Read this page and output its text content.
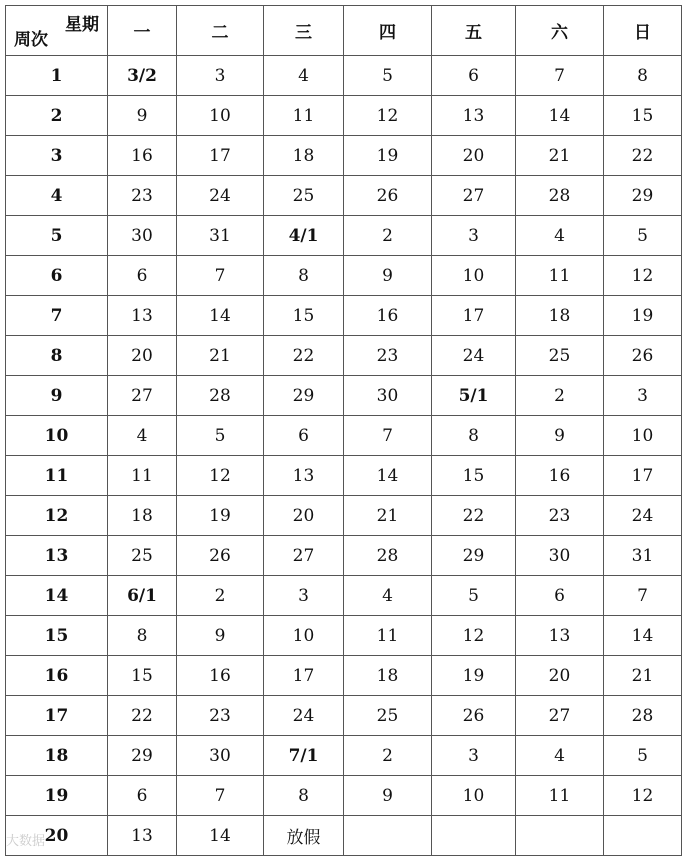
星期
周次	一	二	三	四	五	六	日
1	3/2	3	4	5	6	7	8
2	9	10	11	12	13	14	15
3	16	17	18	19	20	21	22
4	23	24	25	26	27	28	29
5	30	31	4/1	2	3	4	5
6	6	7	8	9	10	11	12
7	13	14	15	16	17	18	19
8	20	21	22	23	24	25	26
9	27	28	29	30	5/1	2	3
10	4	5	6	7	8	9	10
11	11	12	13	14	15	16	17
12	18	19	20	21	22	23	24
13	25	26	27	28	29	30	31
14	6/1	2	3	4	5	6	7
15	8	9	10	11	12	13	14
16	15	16	17	18	19	20	21
17	22	23	24	25	26	27	28
18	29	30	7/1	2	3	4	5
19	6	7	8	9	10	11	12
20	13	14	放假				
大数据
